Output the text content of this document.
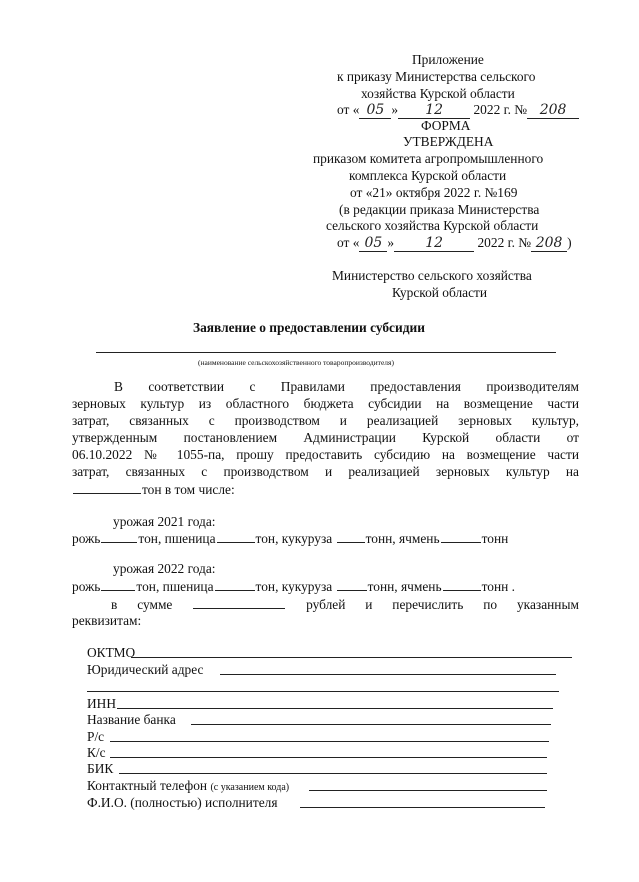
Приложение
к приказу Министерства сельского
хозяйства Курской области
от « 05 » 12 2022 г. № 208
ФОРМА
УТВЕРЖДЕНА
приказом комитета агропромышленного
комплекса Курской области
от «21» октября 2022 г. №169
(в редакции приказа Министерства
сельского хозяйства Курской области
от « 05 » 12	2022 г. № 208 )
Министерство сельского хозяйства
Курской области
Заявление о предоставлении субсидии
(наименование сельскохозяйственного товаропроизводителя)
В соответствии с Правилами предоставления производителям
зерновых культур из областного бюджета субсидии на возмещение части
затрат, связанных с производством и реализацией зерновых культур,
утвержденным постановлением Администрации Курской области от
06.10.2022 № 1055-па, прошу предоставить субсидию на возмещение части
затрат, связанных с производством и реализацией зерновых культур на
тон в том числе:
урожая 2021 года:
рожь	тон, пшеница	тон, кукуруза тонн, ячмень	тонн
урожая 2022 года:
рожь	тон, пшеница	тон, кукуруза	тонн, ячмень	тонн .
в сумме	рублей и перечислить по указанным
реквизитам:
ОКТМО
Юридический адрес
ИНН
Название банка
Р/с
К/с
БИК
Контактный телефон (с указанием кода)
Ф.И.О. (полностью) исполнителя
